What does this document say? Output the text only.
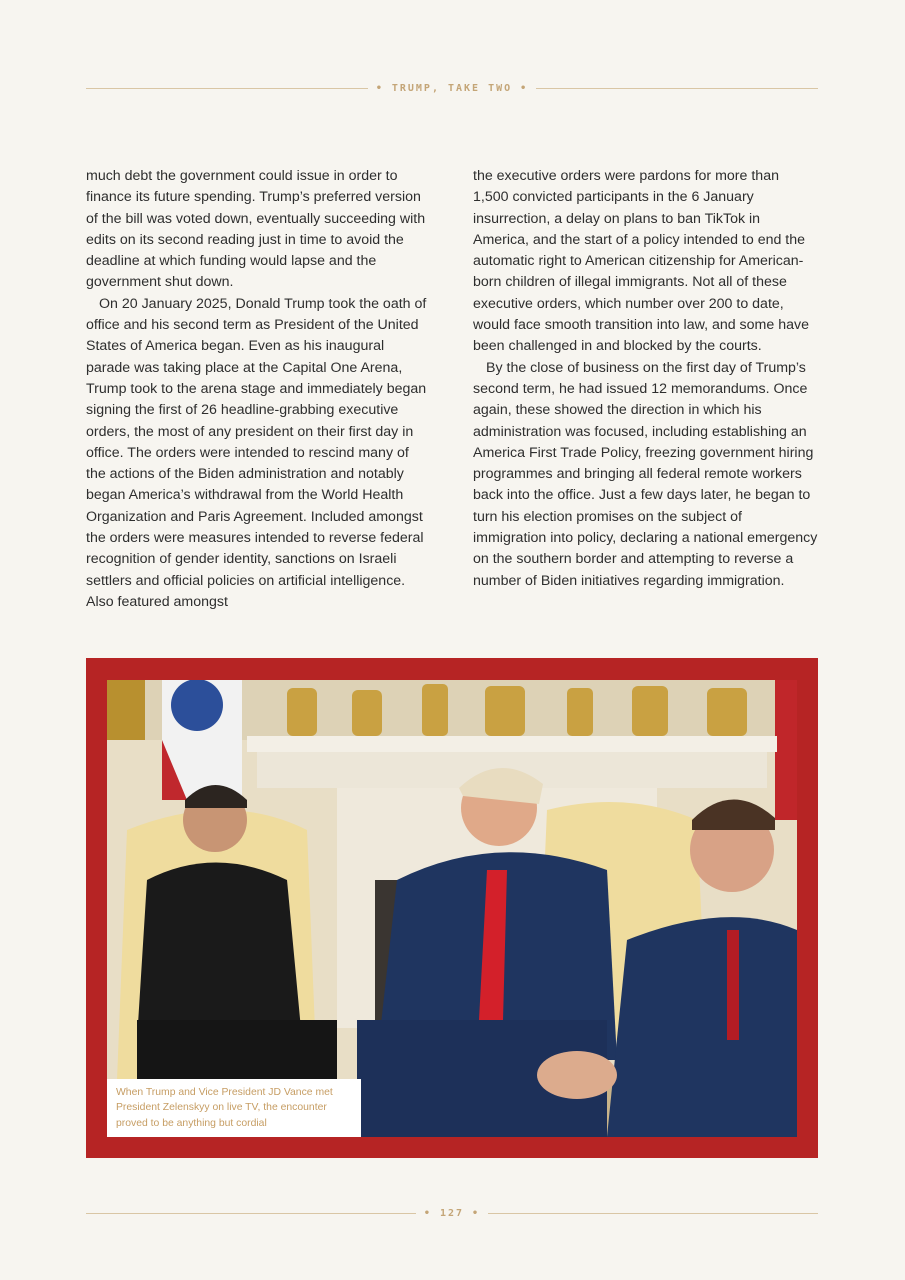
• TRUMP, TAKE TWO •

much debt the government could issue in order to finance its future spending. Trump’s preferred version of the bill was voted down, eventually succeeding with edits on its second reading just in time to avoid the deadline at which funding would lapse and the government shut down.

On 20 January 2025, Donald Trump took the oath of office and his second term as President of the United States of America began. Even as his inaugural parade was taking place at the Capital One Arena, Trump took to the arena stage and immediately began signing the first of 26 headline-grabbing executive orders, the most of any president on their first day in office. The orders were intended to rescind many of the actions of the Biden administration and notably began America’s withdrawal from the World Health Organization and Paris Agreement. Included amongst the orders were measures intended to reverse federal recognition of gender identity, sanctions on Israeli settlers and official policies on artificial intelligence. Also featured amongst

the executive orders were pardons for more than 1,500 convicted participants in the 6 January insurrection, a delay on plans to ban TikTok in America, and the start of a policy intended to end the automatic right to American citizenship for American-born children of illegal immigrants. Not all of these executive orders, which number over 200 to date, would face smooth transition into law, and some have been challenged in and blocked by the courts.

By the close of business on the first day of Trump’s second term, he had issued 12 memorandums. Once again, these showed the direction in which his administration was focused, including establishing an America First Trade Policy, freezing government hiring programmes and bringing all federal remote workers back into the office. Just a few days later, he began to turn his election promises on the subject of immigration into policy, declaring a national emergency on the southern border and attempting to reverse a number of Biden initiatives regarding immigration.

When Trump and Vice President JD Vance met President Zelenskyy on live TV, the encounter proved to be anything but cordial
• 127 •
